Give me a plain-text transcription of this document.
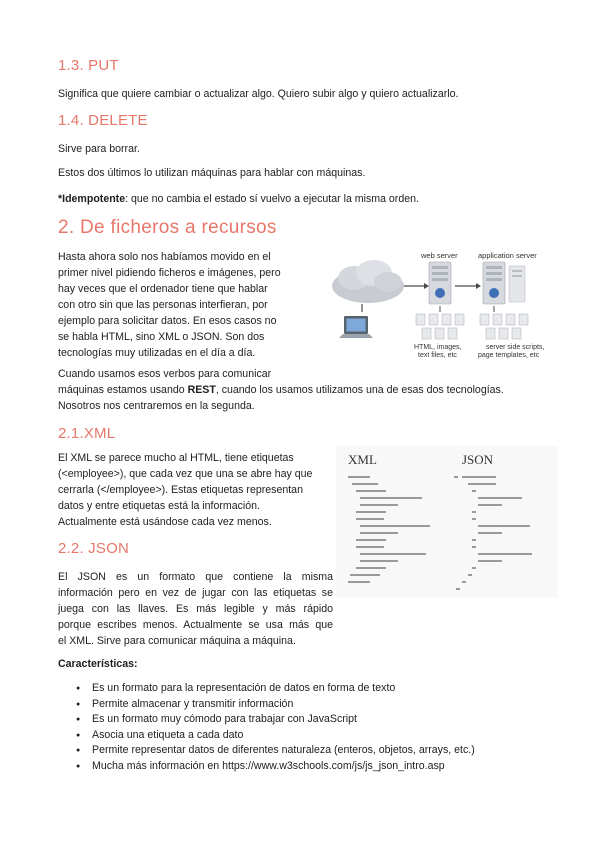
1.3. PUT
Significa que quiere cambiar o actualizar algo. Quiero subir algo y quiero actualizarlo.
1.4. DELETE
Sirve para borrar.
Estos dos últimos lo utilizan máquinas para hablar con máquinas.
*Idempotente: que no cambia el estado sí vuelvo a ejecutar la misma orden.
2. De ficheros a recursos
Hasta ahora solo nos habíamos movido en el
primer nivel pidiendo ficheros e imágenes, pero
hay veces que el ordenador tiene que hablar
con otro sin que las personas interfieran, por
ejemplo para solicitar datos. En esos casos no
se habla HTML, sino XML o JSON. Son dos
tecnologías muy utilizadas en el día a día.
web server	application server
HTML, images,
text files, etc
server side scripts,
page templates, etc
Cuando usamos esos verbos para comunicar
máquinas estamos usando REST, cuando los usamos utilizamos una de esas dos tecnologías.
Nosotros nos centraremos en la segunda.
2.1.XML
El XML se parece mucho al HTML, tiene etiquetas
(<employee>), que cada vez que una se abre hay que
cerrarla (</employee>). Estas etiquetas representan
datos y entre etiquetas está la información.
Actualmente está usándose cada vez menos.
XML	JSON
2.2. JSON
El JSON es un formato que contiene la misma
información pero en vez de jugar con las etiquetas se
juega con las llaves. Es más legible y más rápido
porque escribes menos. Actualmente se usa más que
el XML. Sirve para comunicar máquina a máquina.
Características:
● Es un formato para la representación de datos en forma de texto
● Permite almacenar y transmitir información
● Es un formato muy cómodo para trabajar con JavaScript
● Asocia una etiqueta a cada dato
● Permite representar datos de diferentes naturaleza (enteros, objetos, arrays, etc.)
● Mucha más información en https://www.w3schools.com/js/js_json_intro.asp
